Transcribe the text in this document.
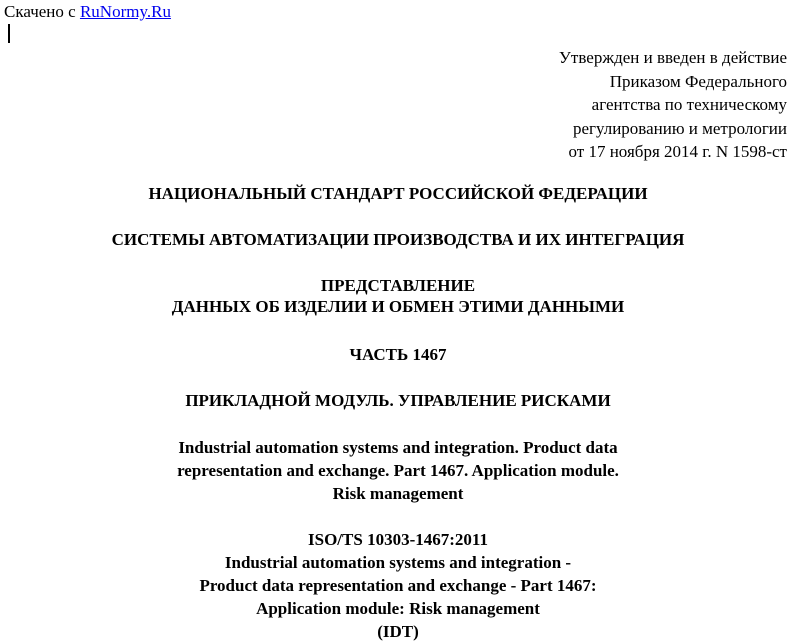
Скачено с RuNormy.Ru
Утвержден и введен в действие
Приказом Федерального
агентства по техническому
регулированию и метрологии
от 17 ноября 2014 г. N 1598-ст
НАЦИОНАЛЬНЫЙ СТАНДАРТ РОССИЙСКОЙ ФЕДЕРАЦИИ
СИСТЕМЫ АВТОМАТИЗАЦИИ ПРОИЗВОДСТВА И ИХ ИНТЕГРАЦИЯ
ПРЕДСТАВЛЕНИЕ
ДАННЫХ ОБ ИЗДЕЛИИ И ОБМЕН ЭТИМИ ДАННЫМИ
ЧАСТЬ 1467
ПРИКЛАДНОЙ МОДУЛЬ. УПРАВЛЕНИЕ РИСКАМИ
Industrial automation systems and integration. Product data
representation and exchange. Part 1467. Application module.
Risk management
ISO/TS 10303-1467:2011
Industrial automation systems and integration -
Product data representation and exchange - Part 1467:
Application module: Risk management
(IDT)
